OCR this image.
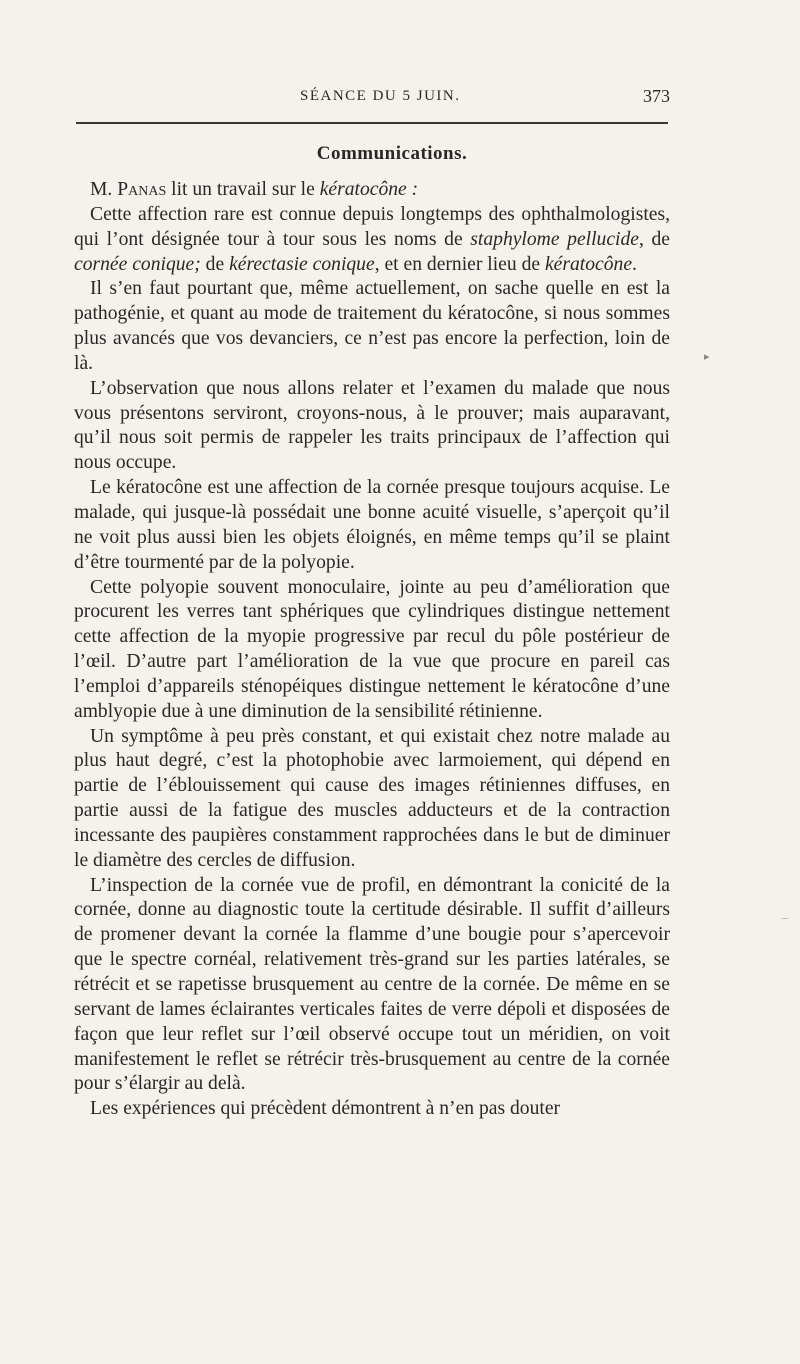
SÉANCE DU 5 JUIN.	373
Communications.

M. Panas lit un travail sur le kératocône :

Cette affection rare est connue depuis longtemps des ophthalmologistes, qui l’ont désignée tour à tour sous les noms de staphylome pellucide, de cornée conique; de kérectasie conique, et en dernier lieu de kératocône.

Il s’en faut pourtant que, même actuellement, on sache quelle en est la pathogénie, et quant au mode de traitement du kératocône, si nous sommes plus avancés que vos devanciers, ce n’est pas encore la perfection, loin de là.

L’observation que nous allons relater et l’examen du malade que nous vous présentons serviront, croyons-nous, à le prouver; mais auparavant, qu’il nous soit permis de rappeler les traits principaux de l’affection qui nous occupe.

Le kératocône est une affection de la cornée presque toujours acquise. Le malade, qui jusque-là possédait une bonne acuité visuelle, s’aperçoit qu’il ne voit plus aussi bien les objets éloignés, en même temps qu’il se plaint d’être tourmenté par de la polyopie.

Cette polyopie souvent monoculaire, jointe au peu d’amélioration que procurent les verres tant sphériques que cylindriques distingue nettement cette affection de la myopie progressive par recul du pôle postérieur de l’œil. D’autre part l’amélioration de la vue que procure en pareil cas l’emploi d’appareils sténopéiques distingue nettement le kératocône d’une amblyopie due à une diminution de la sensibilité rétinienne.

Un symptôme à peu près constant, et qui existait chez notre malade au plus haut degré, c’est la photophobie avec larmoiement, qui dépend en partie de l’éblouissement qui cause des images rétiniennes diffuses, en partie aussi de la fatigue des muscles adducteurs et de la contraction incessante des paupières constamment rapprochées dans le but de diminuer le diamètre des cercles de diffusion.

L’inspection de la cornée vue de profil, en démontrant la conicité de la cornée, donne au diagnostic toute la certitude désirable. Il suffit d’ailleurs de promener devant la cornée la flamme d’une bougie pour s’apercevoir que le spectre cornéal, relativement très-grand sur les parties latérales, se rétrécit et se rapetisse brusquement au centre de la cornée. De même en se servant de lames éclairantes verticales faites de verre dépoli et disposées de façon que leur reflet sur l’œil observé occupe tout un méridien, on voit manifestement le reflet se rétrécir très-brusquement au centre de la cornée pour s’élargir au delà.

Les expériences qui précèdent démontrent à n’en pas douter

▸
‒
